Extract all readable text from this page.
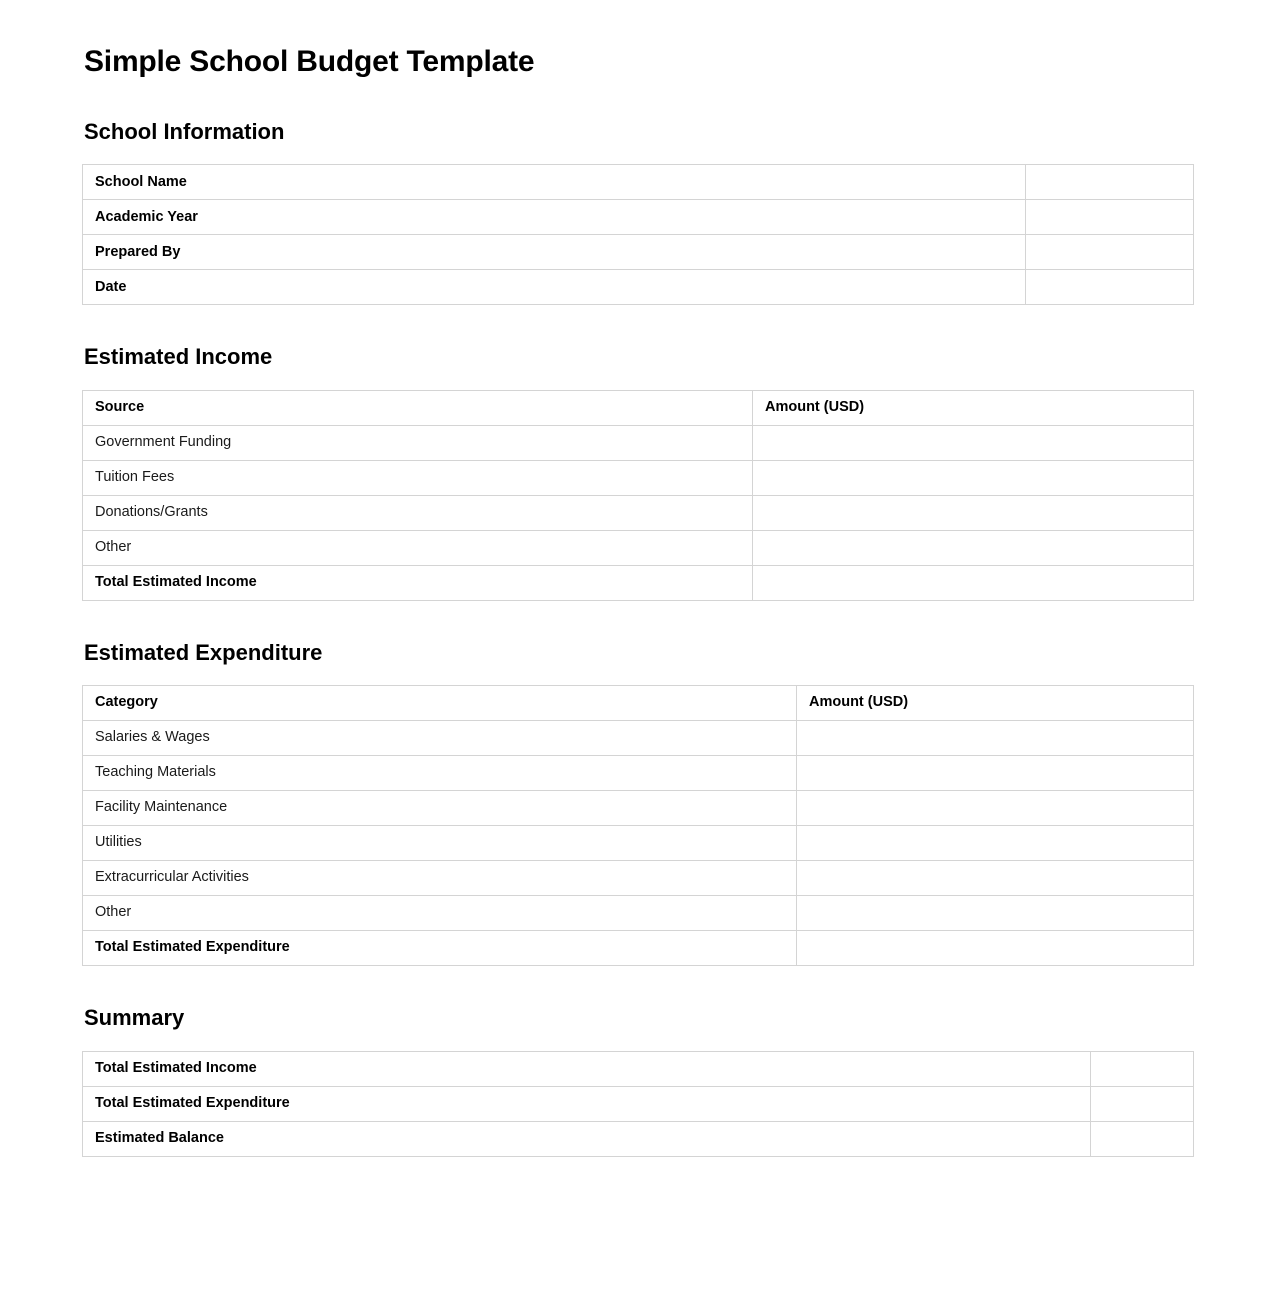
Simple School Budget Template
School Information
School Name	
Academic Year	
Prepared By	
Date	
Estimated Income
Source	Amount (USD)
Government Funding	
Tuition Fees	
Donations/Grants	
Other	
Total Estimated Income	
Estimated Expenditure
Category	Amount (USD)
Salaries & Wages	
Teaching Materials	
Facility Maintenance	
Utilities	
Extracurricular Activities	
Other	
Total Estimated Expenditure	
Summary
Total Estimated Income	
Total Estimated Expenditure	
Estimated Balance	
